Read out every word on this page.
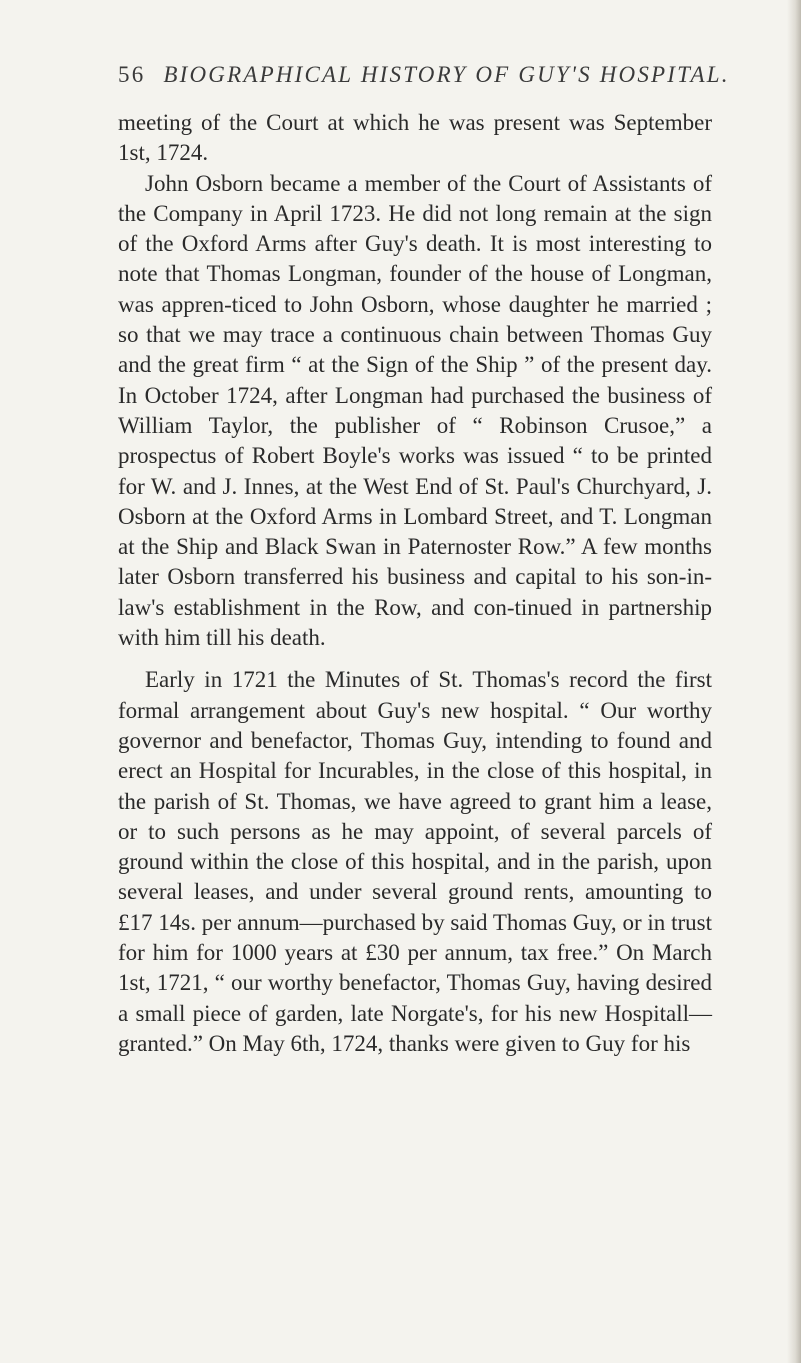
56 BIOGRAPHICAL HISTORY OF GUY'S HOSPITAL.

meeting of the Court at which he was present was September 1st, 1724.

John Osborn became a member of the Court of Assistants of the Company in April 1723. He did not long remain at the sign of the Oxford Arms after Guy's death. It is most interesting to note that Thomas Longman, founder of the house of Longman, was appren-ticed to John Osborn, whose daughter he married ; so that we may trace a continuous chain between Thomas Guy and the great firm “ at the Sign of the Ship ” of the present day. In October 1724, after Longman had purchased the business of William Taylor, the publisher of “ Robinson Crusoe,” a prospectus of Robert Boyle's works was issued “ to be printed for W. and J. Innes, at the West End of St. Paul's Churchyard, J. Osborn at the Oxford Arms in Lombard Street, and T. Longman at the Ship and Black Swan in Paternoster Row.” A few months later Osborn transferred his business and capital to his son-in-law's establishment in the Row, and con-tinued in partnership with him till his death.

Early in 1721 the Minutes of St. Thomas's record the first formal arrangement about Guy's new hospital. “ Our worthy governor and benefactor, Thomas Guy, intending to found and erect an Hospital for Incurables, in the close of this hospital, in the parish of St. Thomas, we have agreed to grant him a lease, or to such persons as he may appoint, of several parcels of ground within the close of this hospital, and in the parish, upon several leases, and under several ground rents, amounting to £17 14s. per annum—purchased by said Thomas Guy, or in trust for him for 1000 years at £30 per annum, tax free.” On March 1st, 1721, “ our worthy benefactor, Thomas Guy, having desired a small piece of garden, late Norgate's, for his new Hospitall—granted.” On May 6th, 1724, thanks were given to Guy for his
